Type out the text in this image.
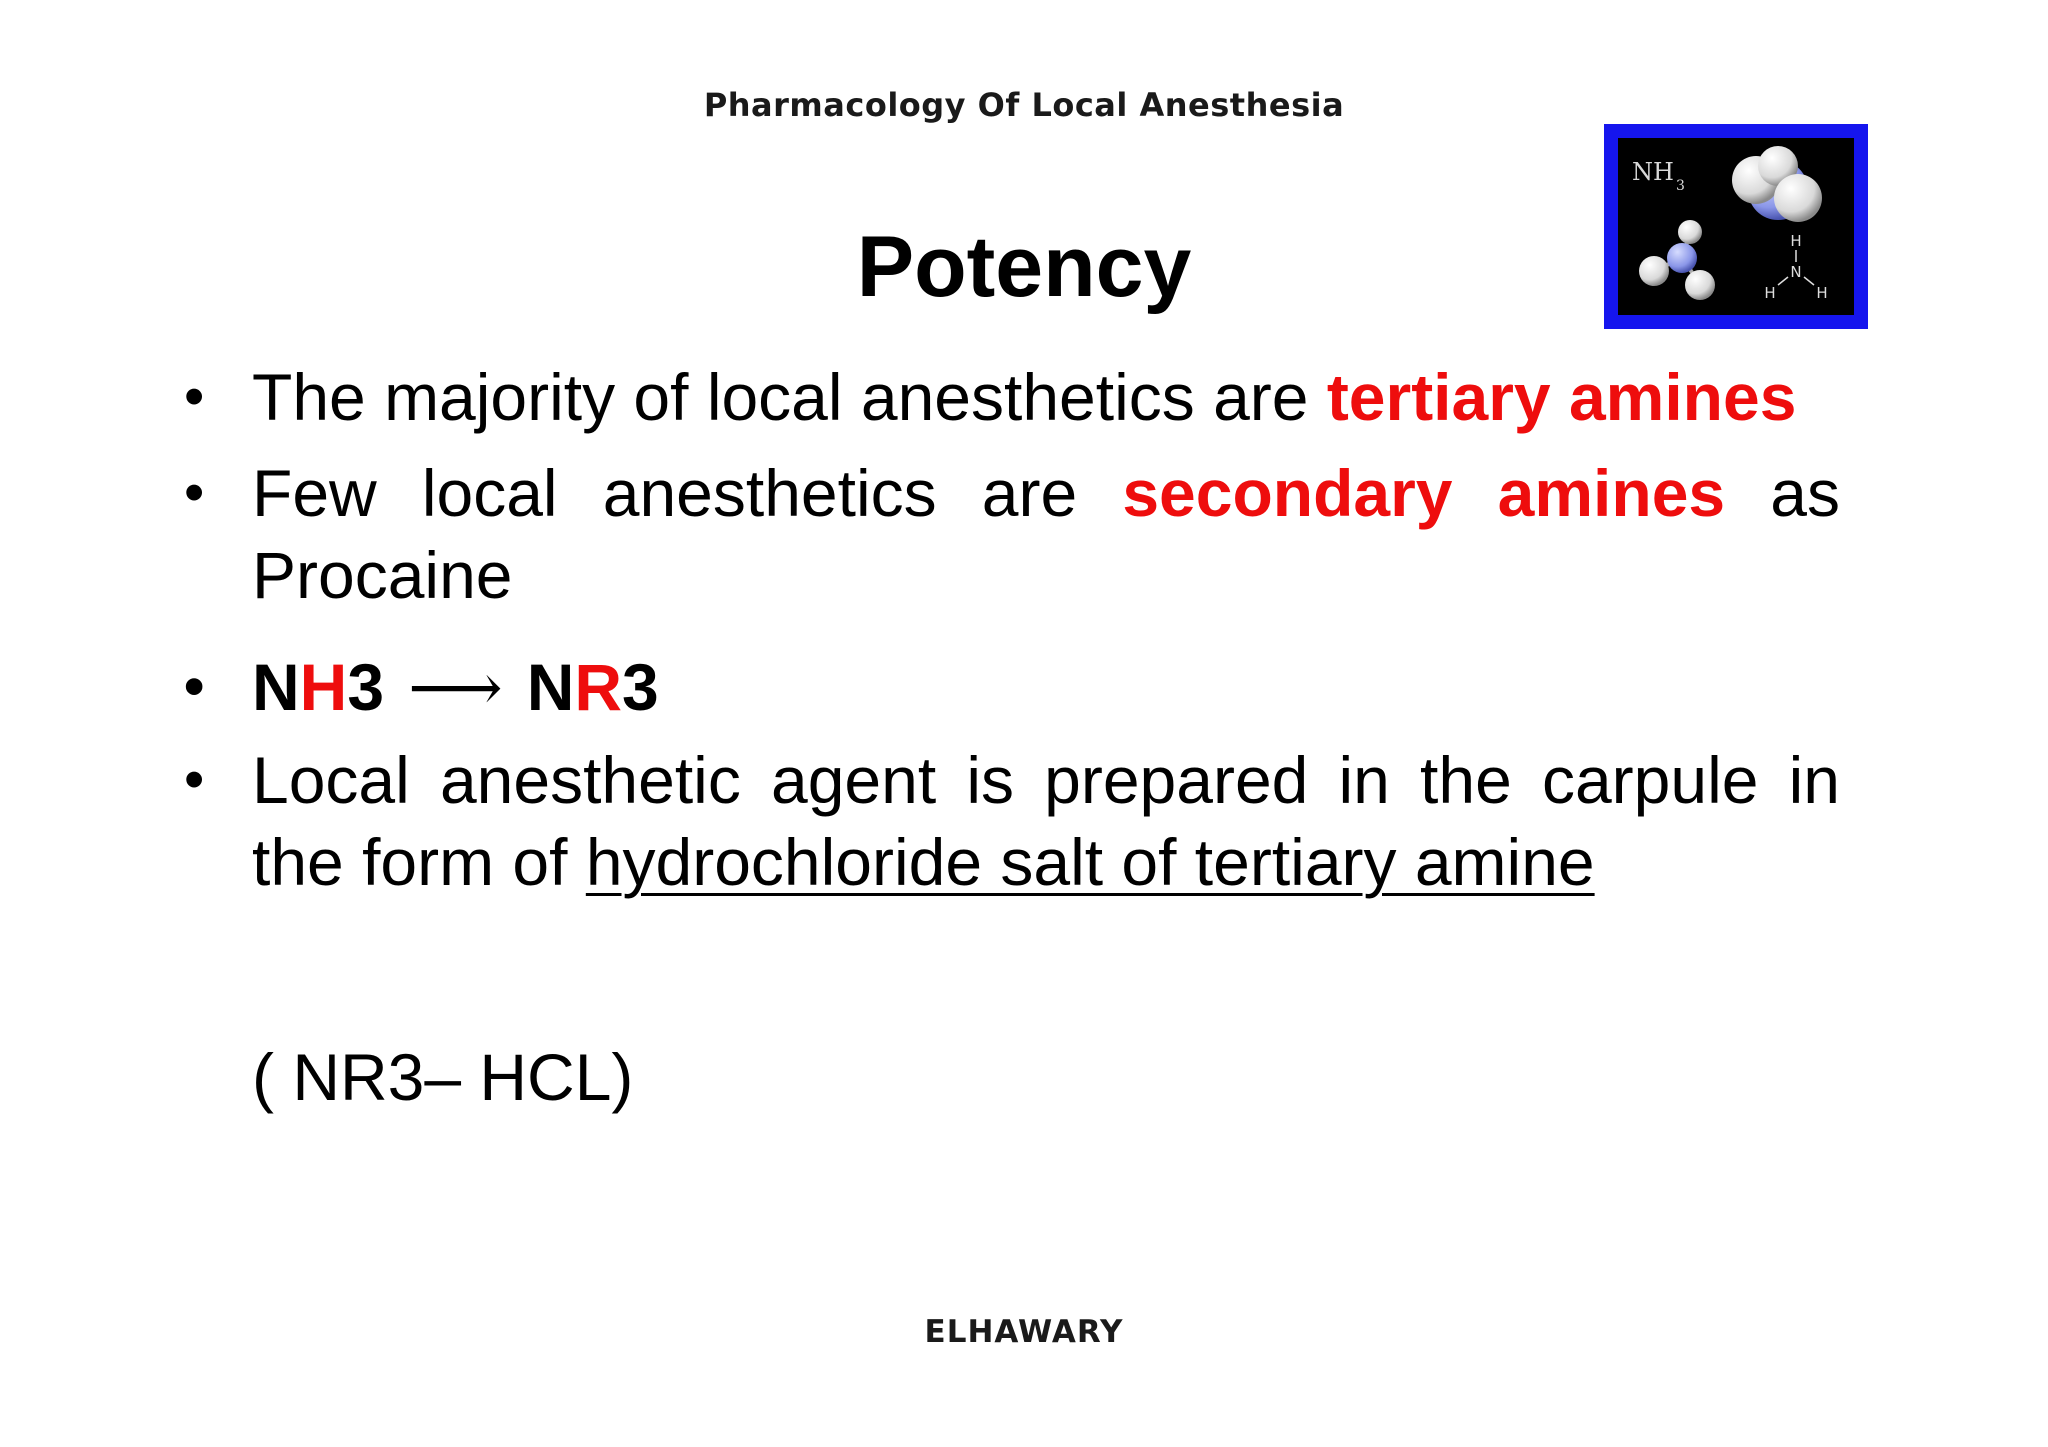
Pharmacology Of Local Anesthesia
Potency
NH 3
H
N
H	H
• The majority of local anesthetics are tertiary amines
• Few local anesthetics are secondary amines as Procaine
• NH3 ⟶ NR3
• Local anesthetic agent is prepared in the carpule in the form of hydrochloride salt of tertiary amine
( NR3– HCL)
ELHAWARY
